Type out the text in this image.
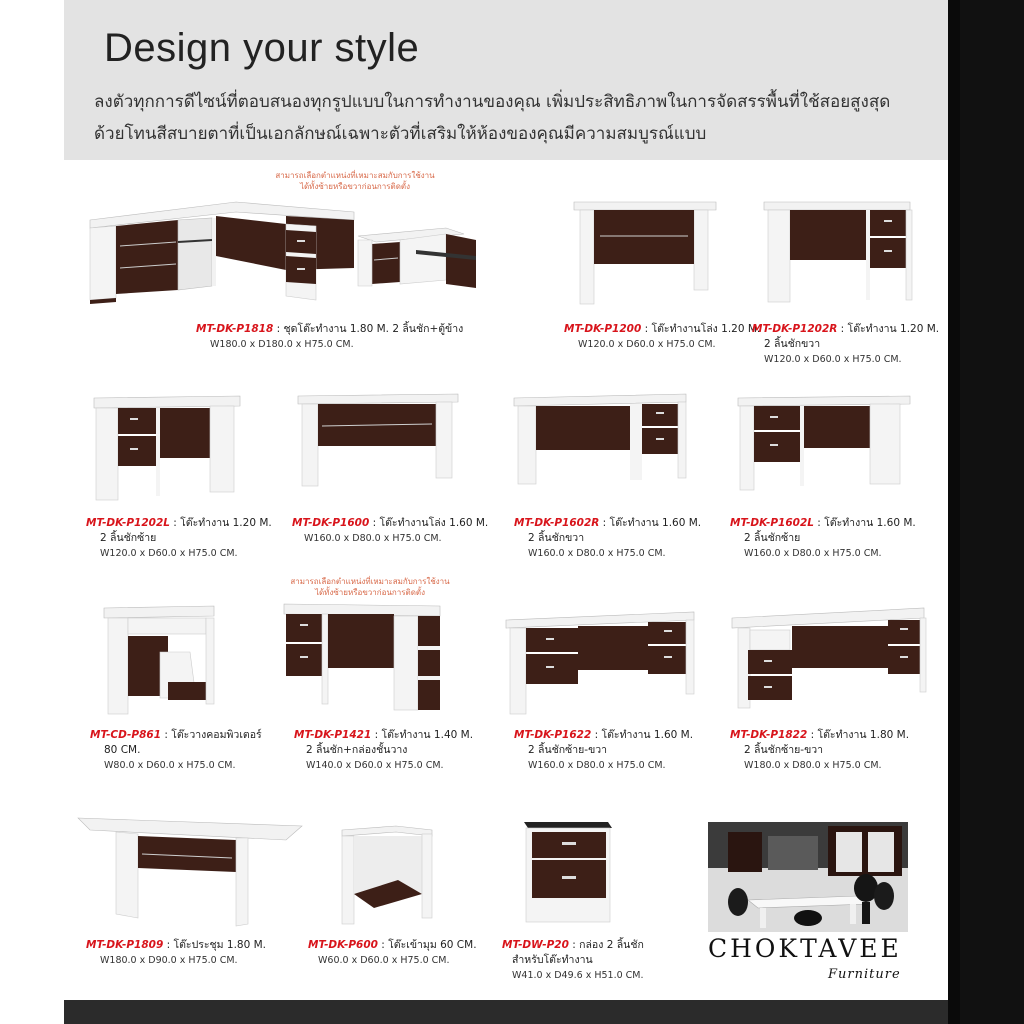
Design your style
ลงตัวทุกการดีไซน์ที่ตอบสนองทุกรูปแบบในการทำงานของคุณ เพิ่มประสิทธิภาพในการจัดสรรพื้นที่ใช้สอยสูงสุด
ด้วยโทนสีสบายตาที่เป็นเอกลักษณ์เฉพาะตัวที่เสริมให้ห้องของคุณมีความสมบูรณ์แบบ
สามารถเลือกตำแหน่งที่เหมาะสมกับการใช้งาน
ได้ทั้งซ้ายหรือขวาก่อนการติดตั้ง
MT-DK-P1818 : ชุดโต๊ะทำงาน 1.80 M. 2 ลิ้นชัก+ตู้ข้าง
W180.0 x D180.0 x H75.0 CM.
MT-DK-P1200 : โต๊ะทำงานโล่ง 1.20 M.
W120.0 x D60.0 x H75.0 CM.
MT-DK-P1202R : โต๊ะทำงาน 1.20 M.
2 ลิ้นชักขวา
W120.0 x D60.0 x H75.0 CM.
MT-DK-P1202L : โต๊ะทำงาน 1.20 M.
2 ลิ้นชักซ้าย
W120.0 x D60.0 x H75.0 CM.
MT-DK-P1600 : โต๊ะทำงานโล่ง 1.60 M.
W160.0 x D80.0 x H75.0 CM.
MT-DK-P1602R : โต๊ะทำงาน 1.60 M.
2 ลิ้นชักขวา
W160.0 x D80.0 x H75.0 CM.
MT-DK-P1602L : โต๊ะทำงาน 1.60 M.
2 ลิ้นชักซ้าย
W160.0 x D80.0 x H75.0 CM.
MT-CD-P861 : โต๊ะวางคอมพิวเตอร์
80 CM.
W80.0 x D60.0 x H75.0 CM.
สามารถเลือกตำแหน่งที่เหมาะสมกับการใช้งาน
ได้ทั้งซ้ายหรือขวาก่อนการติดตั้ง
MT-DK-P1421 : โต๊ะทำงาน 1.40 M.
2 ลิ้นชัก+กล่องชั้นวาง
W140.0 x D60.0 x H75.0 CM.
MT-DK-P1622 : โต๊ะทำงาน 1.60 M.
2 ลิ้นชักซ้าย-ขวา
W160.0 x D80.0 x H75.0 CM.
MT-DK-P1822 : โต๊ะทำงาน 1.80 M.
2 ลิ้นชักซ้าย-ขวา
W180.0 x D80.0 x H75.0 CM.
MT-DK-P1809 : โต๊ะประชุม 1.80 M.
W180.0 x D90.0 x H75.0 CM.
MT-DK-P600 : โต๊ะเข้ามุม 60 CM.
W60.0 x D60.0 x H75.0 CM.
MT-DW-P20 : กล่อง 2 ลิ้นชัก
สำหรับโต๊ะทำงาน
W41.0 x D49.6 x H51.0 CM.
CHOKTAVEE
Furniture
